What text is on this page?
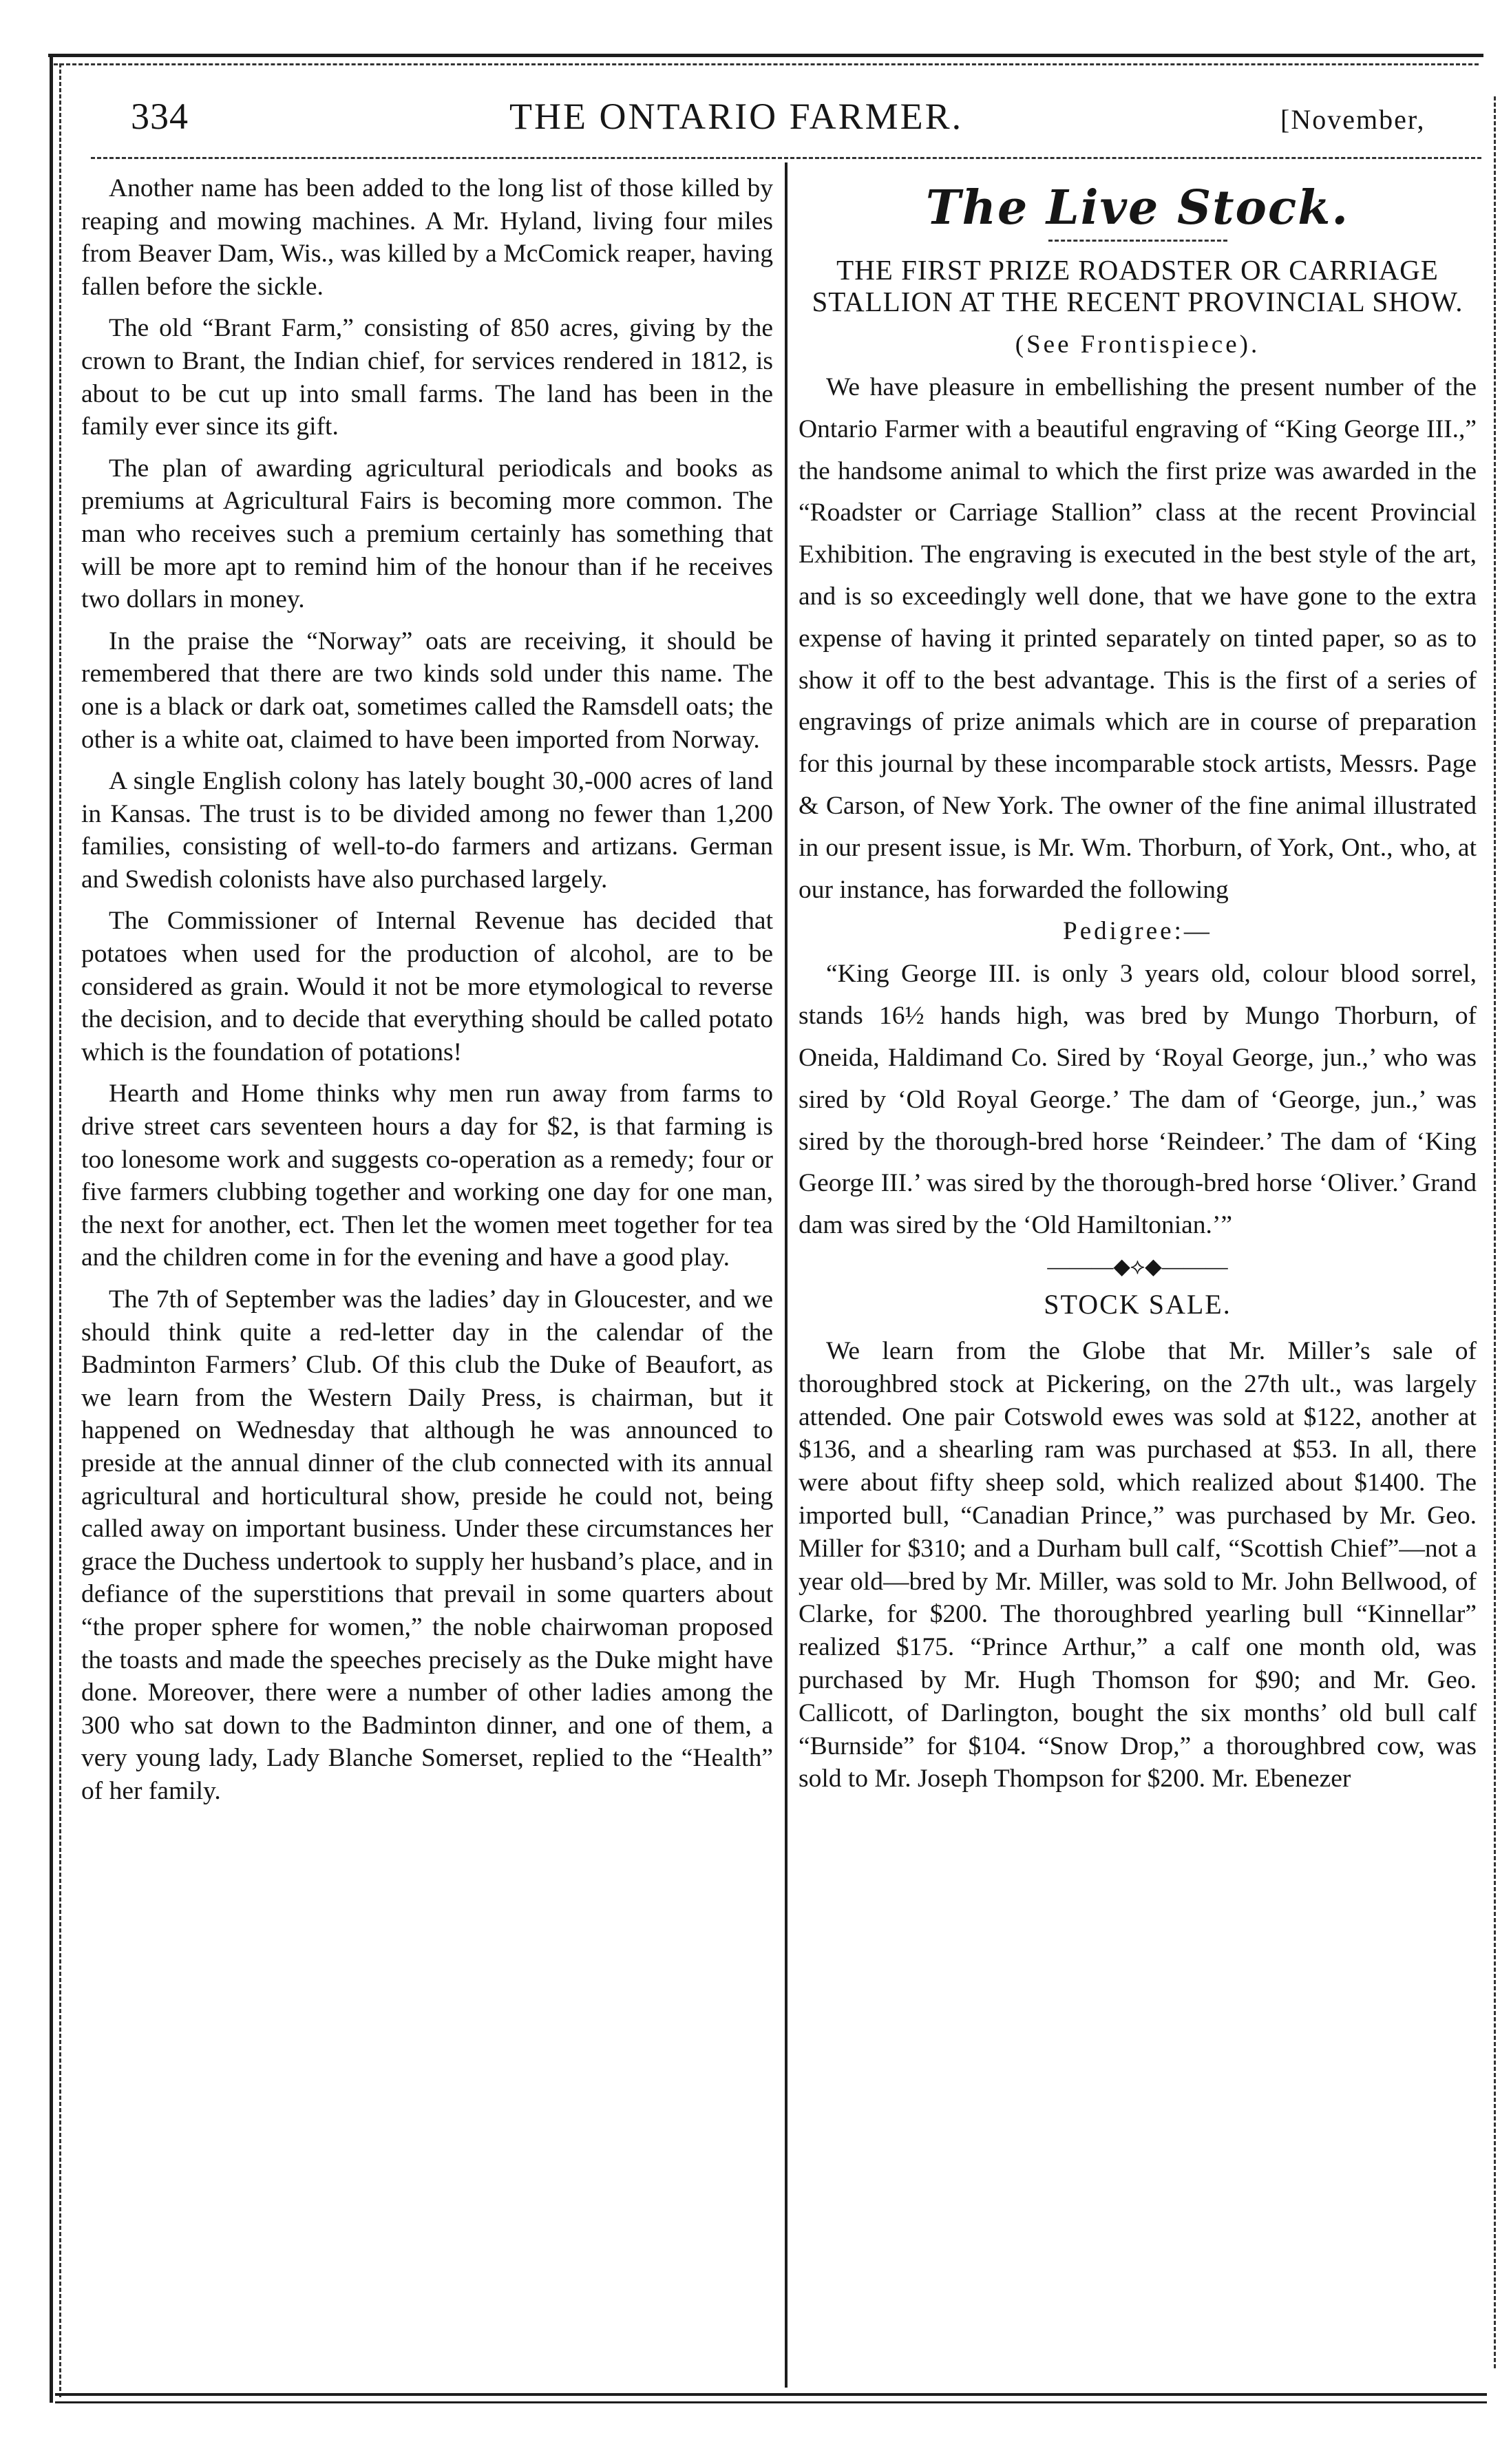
334	THE ONTARIO FARMER.	[November,

Another name has been added to the long list of those killed by reaping and mowing machines. A Mr. Hyland, living four miles from Beaver Dam, Wis., was killed by a McComick reaper, having fallen before the sickle.

The old “Brant Farm,” consisting of 850 acres, giving by the crown to Brant, the Indian chief, for services rendered in 1812, is about to be cut up into small farms. The land has been in the family ever since its gift.

The plan of awarding agricultural periodicals and books as premiums at Agricultural Fairs is becoming more common. The man who receives such a premium certainly has something that will be more apt to remind him of the honour than if he receives two dollars in money.

In the praise the “Norway” oats are receiving, it should be remembered that there are two kinds sold under this name. The one is a black or dark oat, sometimes called the Ramsdell oats; the other is a white oat, claimed to have been imported from Norway.

A single English colony has lately bought 30,-000 acres of land in Kansas. The trust is to be divided among no fewer than 1,200 families, consisting of well-to-do farmers and artizans. German and Swedish colonists have also purchased largely.

The Commissioner of Internal Revenue has decided that potatoes when used for the production of alcohol, are to be considered as grain. Would it not be more etymological to reverse the decision, and to decide that everything should be called potato which is the foundation of potations!

Hearth and Home thinks why men run away from farms to drive street cars seventeen hours a day for $2, is that farming is too lonesome work and suggests co-operation as a remedy; four or five farmers clubbing together and working one day for one man, the next for another, ect. Then let the women meet together for tea and the children come in for the evening and have a good play.

The 7th of September was the ladies’ day in Gloucester, and we should think quite a red-letter day in the calendar of the Badminton Farmers’ Club. Of this club the Duke of Beaufort, as we learn from the Western Daily Press, is chairman, but it happened on Wednesday that although he was announced to preside at the annual dinner of the club connected with its annual agricultural and horticultural show, preside he could not, being called away on important business. Under these circumstances her grace the Duchess undertook to supply her husband’s place, and in defiance of the superstitions that prevail in some quarters about “the proper sphere for women,” the noble chairwoman proposed the toasts and made the speeches precisely as the Duke might have done. Moreover, there were a number of other ladies among the 300 who sat down to the Badminton dinner, and one of them, a very young lady, Lady Blanche Somerset, replied to the “Health” of her family.

The Live Stock.
THE FIRST PRIZE ROADSTER OR CARRIAGE STALLION AT THE RECENT PROVINCIAL SHOW.
(See Frontispiece).

We have pleasure in embellishing the present number of the Ontario Farmer with a beautiful engraving of “King George III.,” the handsome animal to which the first prize was awarded in the “Roadster or Carriage Stallion” class at the recent Provincial Exhibition. The engraving is executed in the best style of the art, and is so exceedingly well done, that we have gone to the extra expense of having it printed separately on tinted paper, so as to show it off to the best advantage. This is the first of a series of engravings of prize animals which are in course of preparation for this journal by these incomparable stock artists, Messrs. Page & Carson, of New York. The owner of the fine animal illustrated in our present issue, is Mr. Wm. Thorburn, of York, Ont., who, at our instance, has forwarded the following

Pedigree:—

“King George III. is only 3 years old, colour blood sorrel, stands 16½ hands high, was bred by Mungo Thorburn, of Oneida, Haldimand Co. Sired by ‘Royal George, jun.,’ who was sired by ‘Old Royal George.’ The dam of ‘George, jun.,’ was sired by the thorough-bred horse ‘Reindeer.’ The dam of ‘King George III.’ was sired by the thorough-bred horse ‘Oliver.’ Grand dam was sired by the ‘Old Hamiltonian.’”

———◆⟡◆———
STOCK SALE.

We learn from the Globe that Mr. Miller’s sale of thoroughbred stock at Pickering, on the 27th ult., was largely attended. One pair Cotswold ewes was sold at $122, another at $136, and a shearling ram was purchased at $53. In all, there were about fifty sheep sold, which realized about $1400. The imported bull, “Canadian Prince,” was purchased by Mr. Geo. Miller for $310; and a Durham bull calf, “Scottish Chief”—not a year old—bred by Mr. Miller, was sold to Mr. John Bellwood, of Clarke, for $200. The thoroughbred yearling bull “Kinnellar” realized $175. “Prince Arthur,” a calf one month old, was purchased by Mr. Hugh Thomson for $90; and Mr. Geo. Callicott, of Darlington, bought the six months’ old bull calf “Burnside” for $104. “Snow Drop,” a thoroughbred cow, was sold to Mr. Joseph Thompson for $200. Mr. Ebenezer
